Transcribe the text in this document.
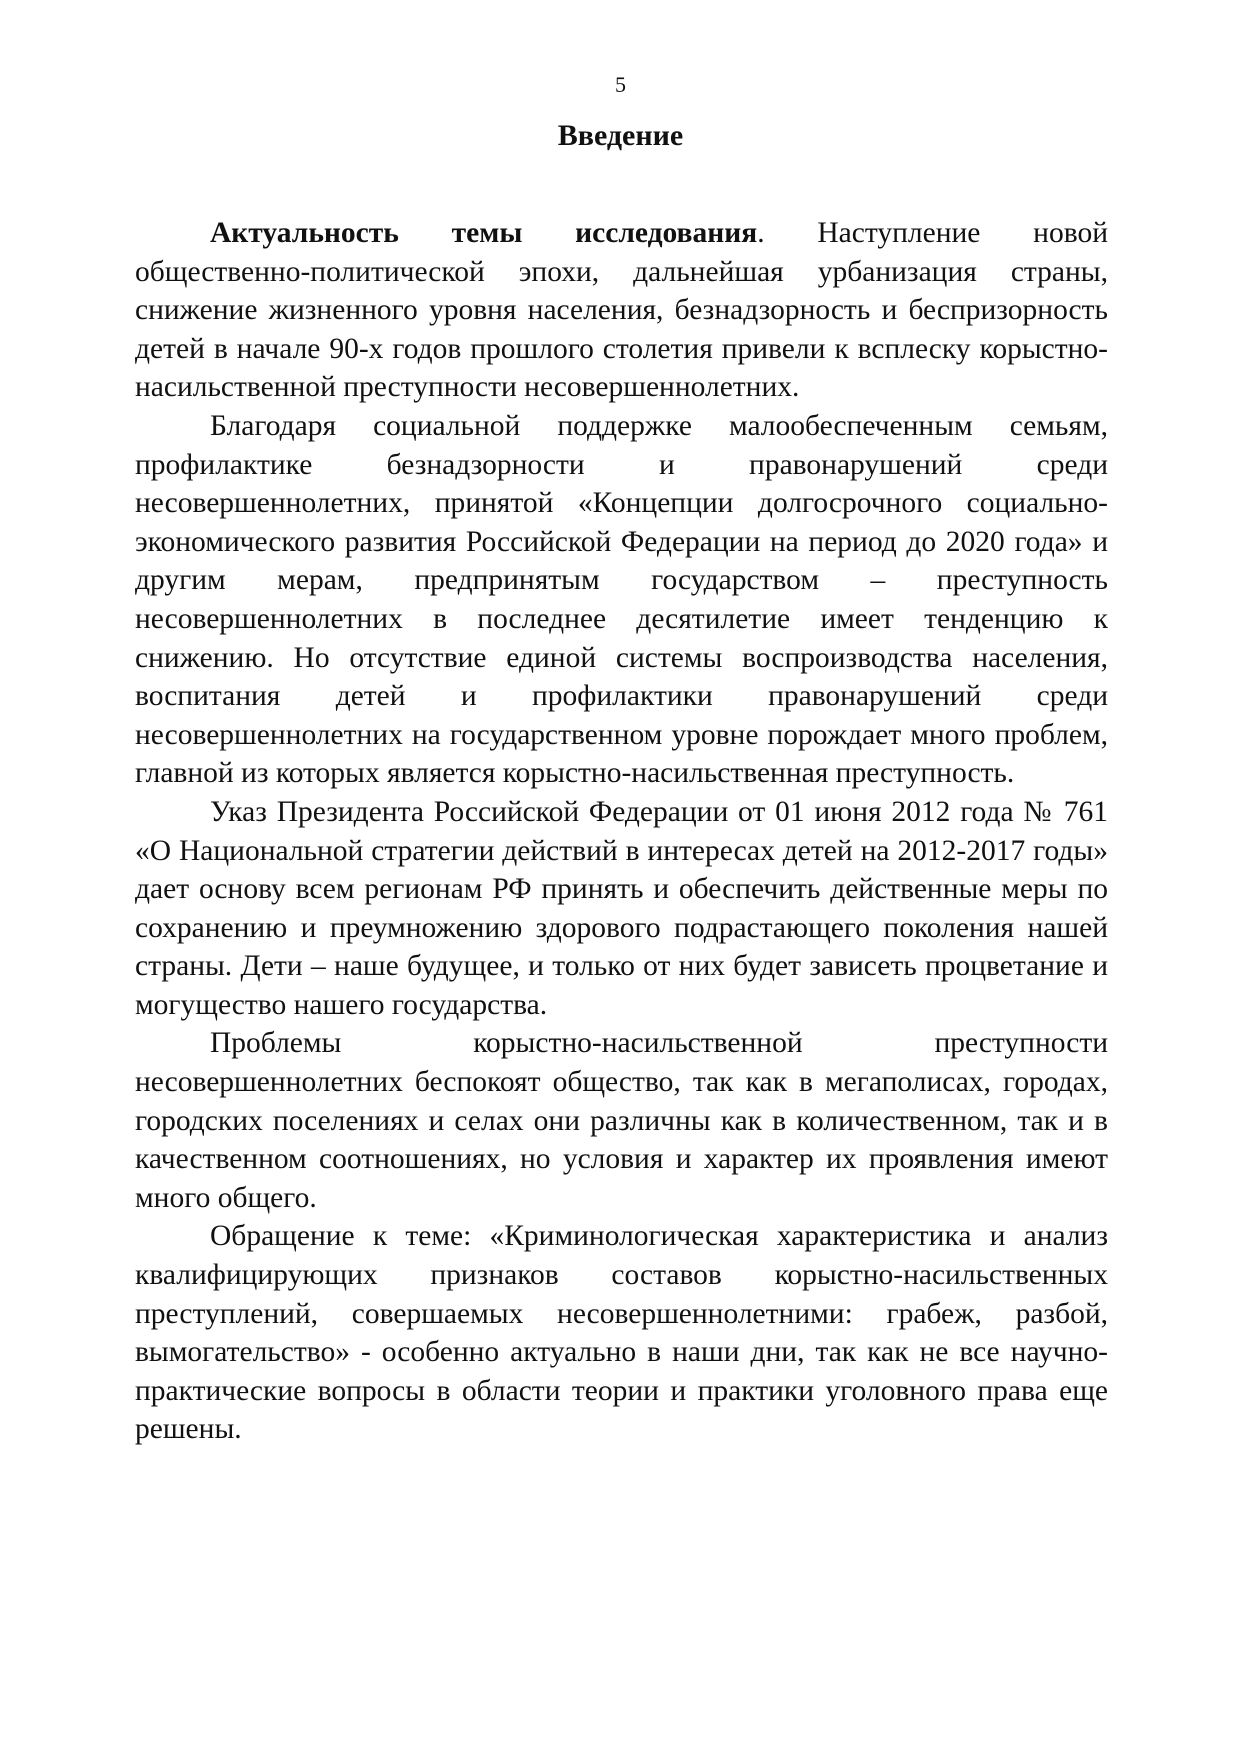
5
Введение

Актуальность темы исследования. Наступление новой общественно-политической эпохи, дальнейшая урбанизация страны, снижение жизненного уровня населения, безнадзорность и беспризорность детей в начале 90-х годов прошлого столетия привели к всплеску корыстно-насильственной преступности несовершеннолетних.

Благодаря социальной поддержке малообеспеченным семьям, профилактике безнадзорности и правонарушений среди несовершеннолетних, принятой «Концепции долгосрочного социально-экономического развития Российской Федерации на период до 2020 года» и другим мерам, предпринятым государством – преступность несовершеннолетних в последнее десятилетие имеет тенденцию к снижению. Но отсутствие единой системы воспроизводства населения, воспитания детей и профилактики правонарушений среди несовершеннолетних на государственном уровне порождает много проблем, главной из которых является корыстно-насильственная преступность.

Указ Президента Российской Федерации от 01 июня 2012 года № 761 «О Национальной стратегии действий в интересах детей на 2012-2017 годы» дает основу всем регионам РФ принять и обеспечить действенные меры по сохранению и преумножению здорового подрастающего поколения нашей страны. Дети – наше будущее, и только от них будет зависеть процветание и могущество нашего государства.

Проблемы корыстно-насильственной преступности несовершеннолетних беспокоят общество, так как в мегаполисах, городах, городских поселениях и селах они различны как в количественном, так и в качественном соотношениях, но условия и характер их проявления имеют много общего.

Обращение к теме: «Криминологическая характеристика и анализ квалифицирующих признаков составов корыстно-насильственных преступлений, совершаемых несовершеннолетними: грабеж, разбой, вымогательство» - особенно актуально в наши дни, так как не все научно-практические вопросы в области теории и практики уголовного права еще решены.
